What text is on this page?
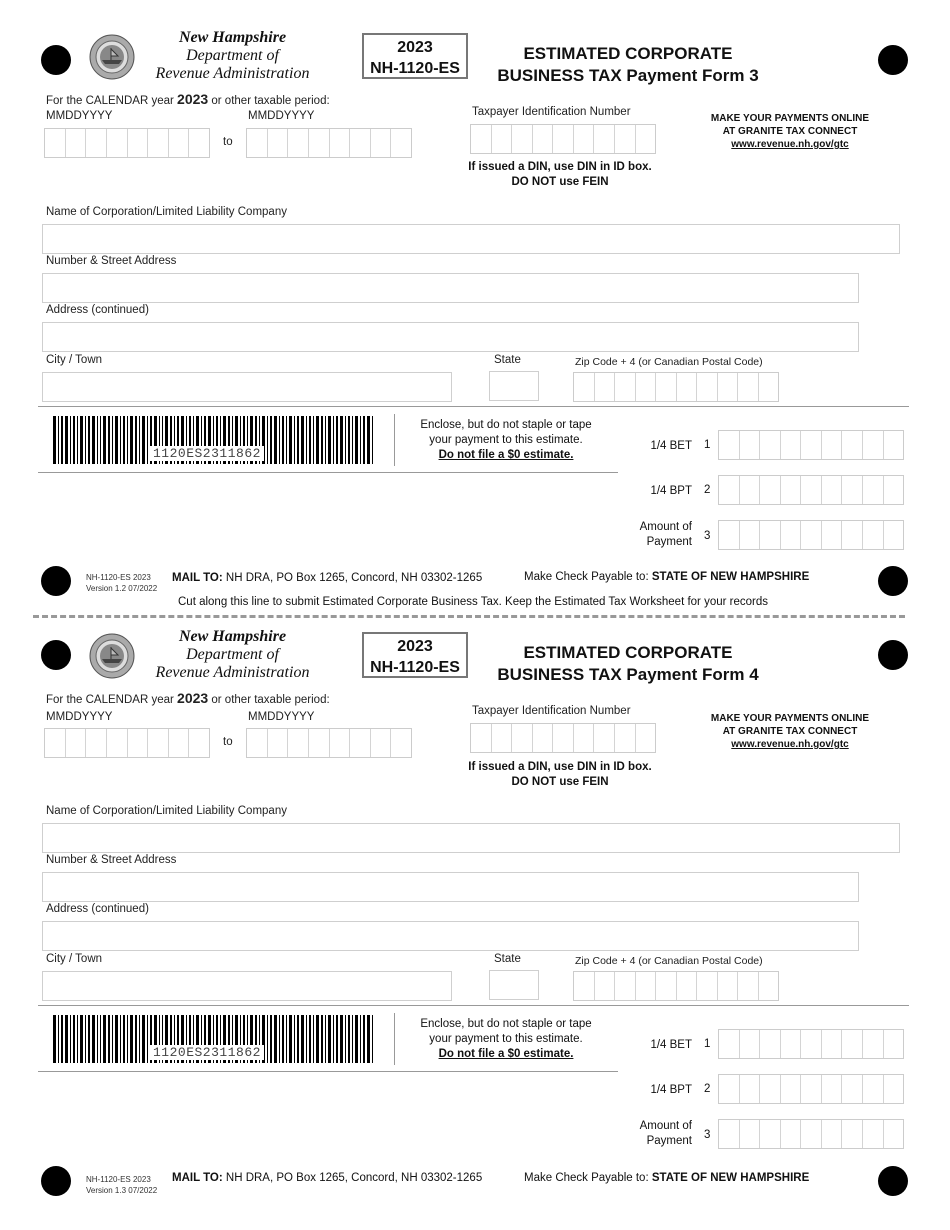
New Hampshire
Department of
Revenue Administration
2023
NH-1120-ES
ESTIMATED CORPORATE
BUSINESS TAX Payment Form 3
For the CALENDAR year 2023 or other taxable period:
MMDDYYYY	MMDDYYYY
to
Taxpayer Identification Number
MAKE YOUR PAYMENTS ONLINE
AT GRANITE TAX CONNECT
www.revenue.nh.gov/gtc
If issued a DIN, use DIN in ID box.
DO NOT use FEIN
Name of Corporation/Limited Liability Company
Number & Street Address
Address (continued)
City / Town	State	Zip Code + 4 (or Canadian Postal Code)
1120ES2311862
Enclose, but do not staple or tape
your payment to this estimate.
Do not file a $0 estimate.
1/4 BET 1
1/4 BPT 2
Amount of
Payment 3
NH-1120-ES 2023
Version 1.2 07/2022
MAIL TO: NH DRA, PO Box 1265, Concord, NH 03302-1265	Make Check Payable to: STATE OF NEW HAMPSHIRE
Cut along this line to submit Estimated Corporate Business Tax. Keep the Estimated Tax Worksheet for your records
New Hampshire
Department of
Revenue Administration
2023
NH-1120-ES
ESTIMATED CORPORATE
BUSINESS TAX Payment Form 4
For the CALENDAR year 2023 or other taxable period:
MMDDYYYY	MMDDYYYY
to
Taxpayer Identification Number
MAKE YOUR PAYMENTS ONLINE
AT GRANITE TAX CONNECT
www.revenue.nh.gov/gtc
If issued a DIN, use DIN in ID box.
DO NOT use FEIN
Name of Corporation/Limited Liability Company
Number & Street Address
Address (continued)
City / Town	State	Zip Code + 4 (or Canadian Postal Code)
1120ES2311862
Enclose, but do not staple or tape
your payment to this estimate.
Do not file a $0 estimate.
1/4 BET 1
1/4 BPT 2
Amount of
Payment 3
NH-1120-ES 2023
Version 1.3 07/2022
MAIL TO: NH DRA, PO Box 1265, Concord, NH 03302-1265	Make Check Payable to: STATE OF NEW HAMPSHIRE
